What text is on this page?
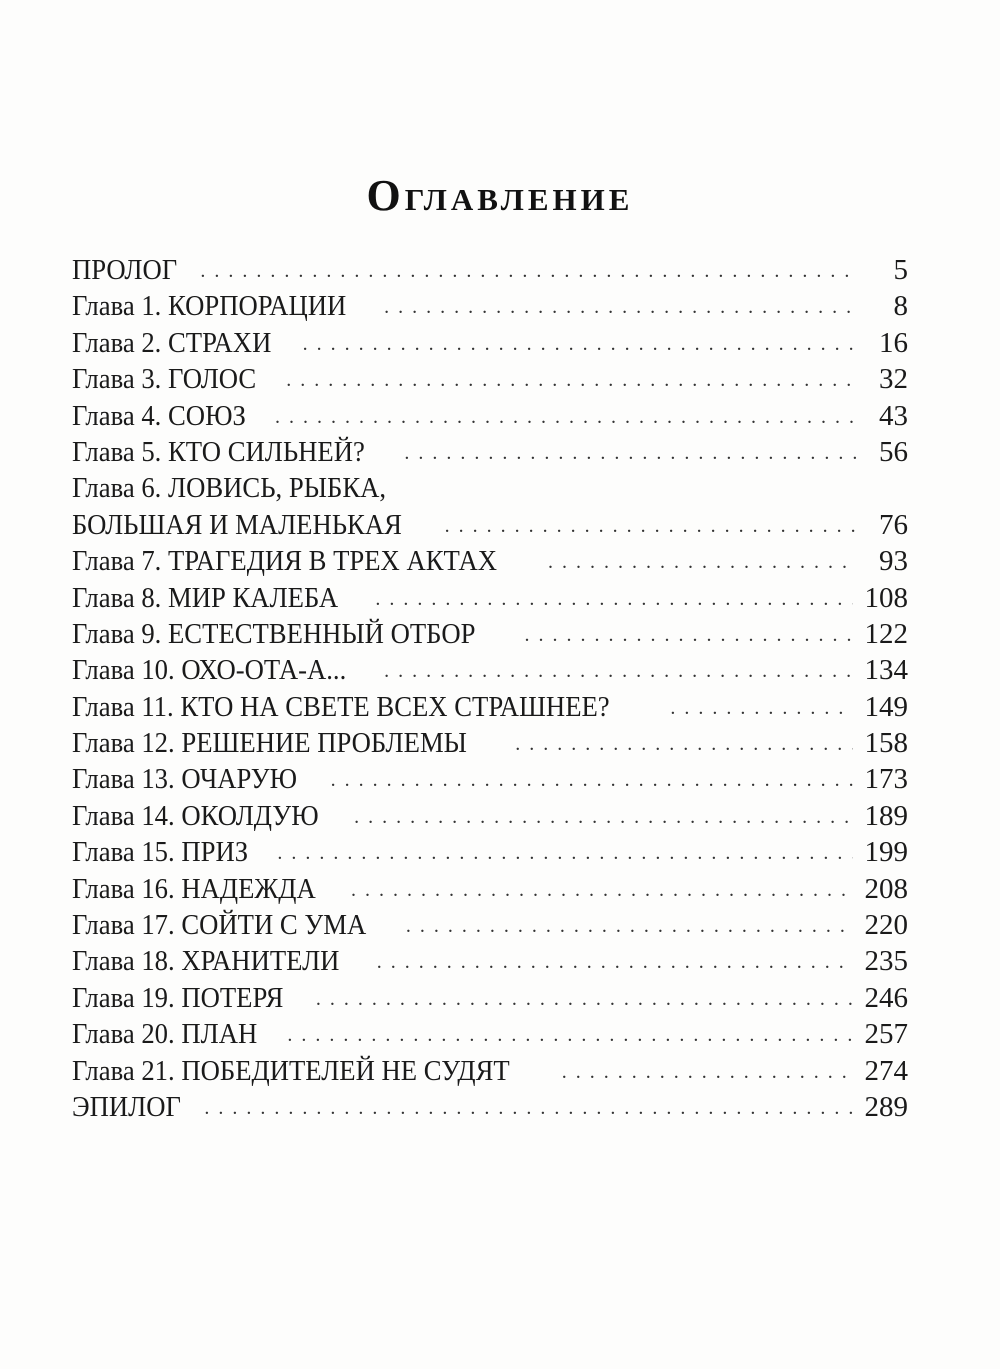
Оглавление
ПРОЛОГ . . .	5
Глава 1. КОРПОРАЦИИ . . .	8
Глава 2. СТРАХИ . . .	16
Глава 3. ГОЛОС . . .	32
Глава 4. СОЮЗ . . .	43
Глава 5. КТО СИЛЬНЕЙ? . . .	56
Глава 6. ЛОВИСЬ, РЫБКА,
БОЛЬШАЯ И МАЛЕНЬКАЯ . . .	76
Глава 7. ТРАГЕДИЯ В ТРЕХ АКТАХ . . .	93
Глава 8. МИР КАЛЕБА . . .	108
Глава 9. ЕСТЕСТВЕННЫЙ ОТБОР . . .	122
Глава 10. ОХО-ОТА-А... . . .	134
Глава 11. КТО НА СВЕТЕ ВСЕХ СТРАШНЕЕ? . . .	149
Глава 12. РЕШЕНИЕ ПРОБЛЕМЫ . . .	158
Глава 13. ОЧАРУЮ . . .	173
Глава 14. ОКОЛДУЮ . . .	189
Глава 15. ПРИЗ . . .	199
Глава 16. НАДЕЖДА . . .	208
Глава 17. СОЙТИ С УМА . . .	220
Глава 18. ХРАНИТЕЛИ . . .	235
Глава 19. ПОТЕРЯ . . .	246
Глава 20. ПЛАН . . .	257
Глава 21. ПОБЕДИТЕЛЕЙ НЕ СУДЯТ . . .	274
ЭПИЛОГ . . .	289
